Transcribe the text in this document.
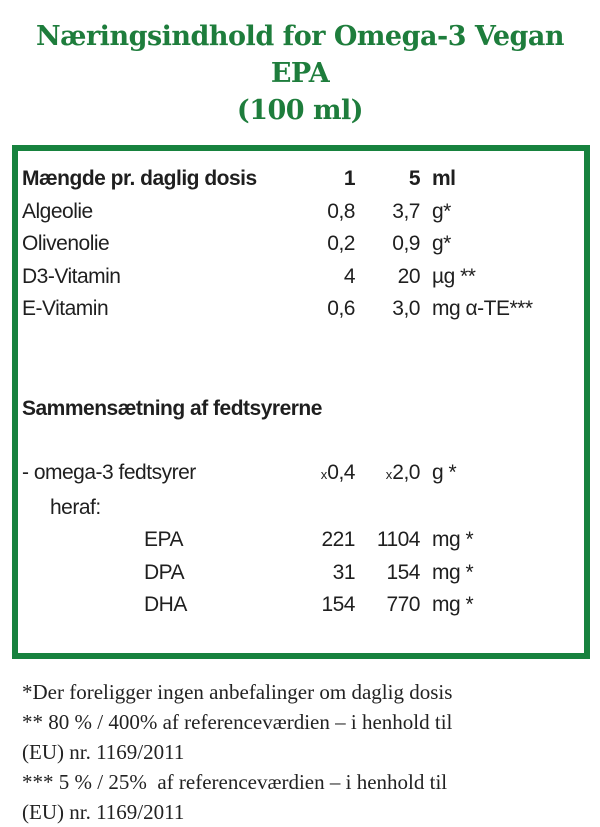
Næringsindhold for Omega-3 Vegan EPA
(100 ml)
Mængde pr. daglig dosis	1	5 ml
Algeolie	0,8	3,7 g*
Olivenolie	0,2	0,9 g*
D3-Vitamin	4	20 µg **
E-Vitamin	0,6	3,0 mg α-TE***
Sammensætning af fedtsyrerne
- omega-3 fedtsyrer	x0,4	x2,0 g *
heraf:
EPA	221	1104 mg *
DPA	31	154 mg *
DHA	154	770 mg *
*Der foreligger ingen anbefalinger om daglig dosis
** 80 % / 400% af referenceværdien – i henhold til
(EU) nr. 1169/2011
*** 5 % / 25%  af referenceværdien – i henhold til
(EU) nr. 1169/2011
